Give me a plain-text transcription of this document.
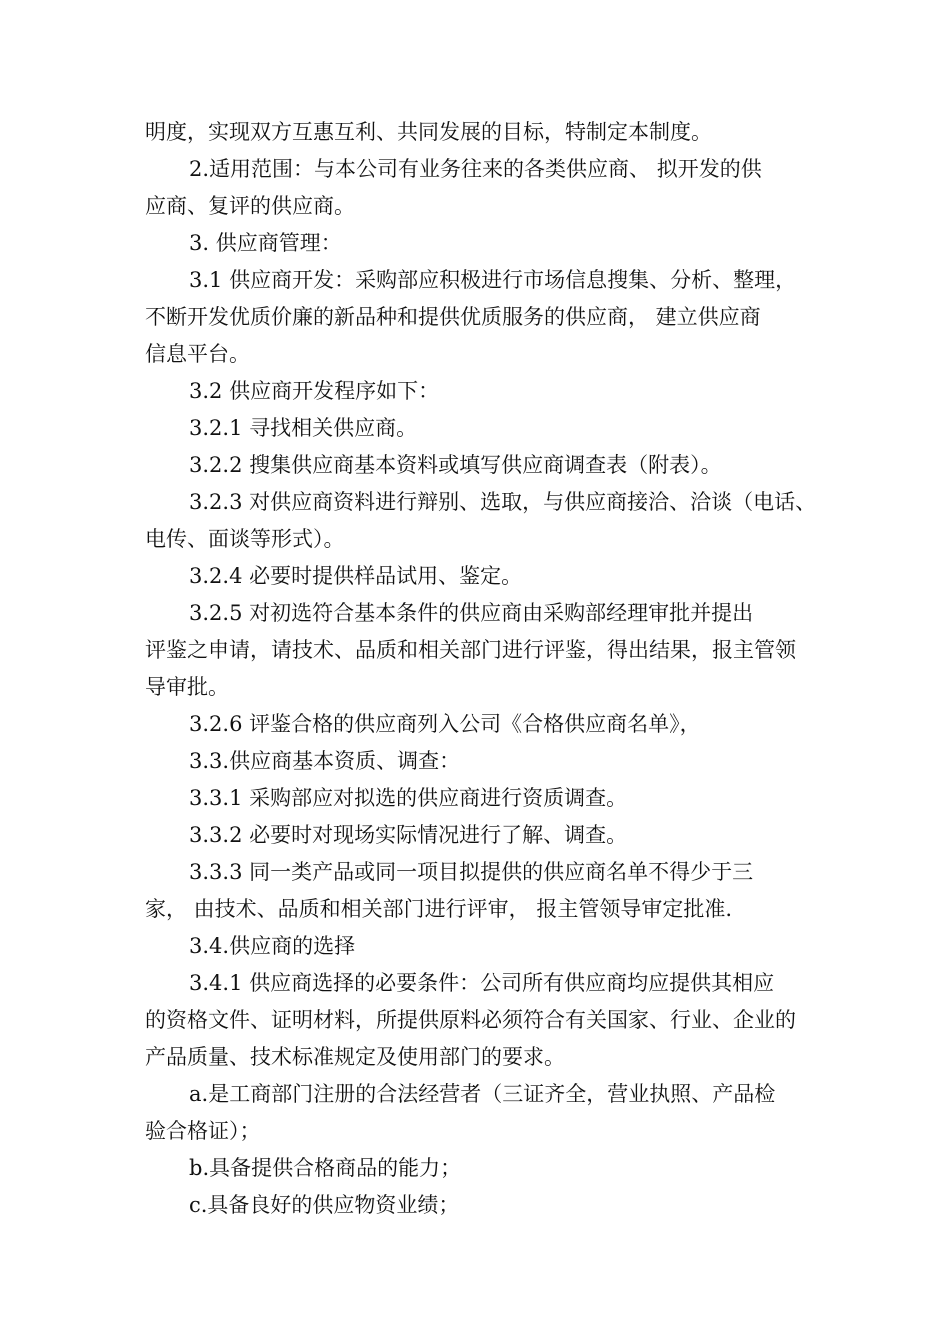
明度，实现双方互惠互利、共同发展的目标，特制定本制度。
2.适用范围：与本公司有业务往来的各类供应商、 拟开发的供
应商、复评的供应商。
3. 供应商管理：
3.1 供应商开发：采购部应积极进行市场信息搜集、分析、整理，
不断开发优质价廉的新品种和提供优质服务的供应商， 建立供应商
信息平台。
3.2 供应商开发程序如下：
3.2.1 寻找相关供应商。
3.2.2 搜集供应商基本资料或填写供应商调查表（附表）。
3.2.3 对供应商资料进行辩别、选取，与供应商接洽、洽谈（电话、
电传、面谈等形式）。
3.2.4 必要时提供样品试用、鉴定。
3.2.5 对初选符合基本条件的供应商由采购部经理审批并提出
评鉴之申请，请技术、品质和相关部门进行评鉴，得出结果，报主管领
导审批。
3.2.6 评鉴合格的供应商列入公司《合格供应商名单》，
3.3.供应商基本资质、调查：
3.3.1 采购部应对拟选的供应商进行资质调查。
3.3.2 必要时对现场实际情况进行了解、调查。
3.3.3 同一类产品或同一项目拟提供的供应商名单不得少于三
家， 由技术、品质和相关部门进行评审， 报主管领导审定批准.
3.4.供应商的选择
3.4.1 供应商选择的必要条件：公司所有供应商均应提供其相应
的资格文件、证明材料，所提供原料必须符合有关国家、行业、企业的
产品质量、技术标准规定及使用部门的要求。
a.是工商部门注册的合法经营者（三证齐全，营业执照、产品检
验合格证）；
b.具备提供合格商品的能力；
c.具备良好的供应物资业绩；
